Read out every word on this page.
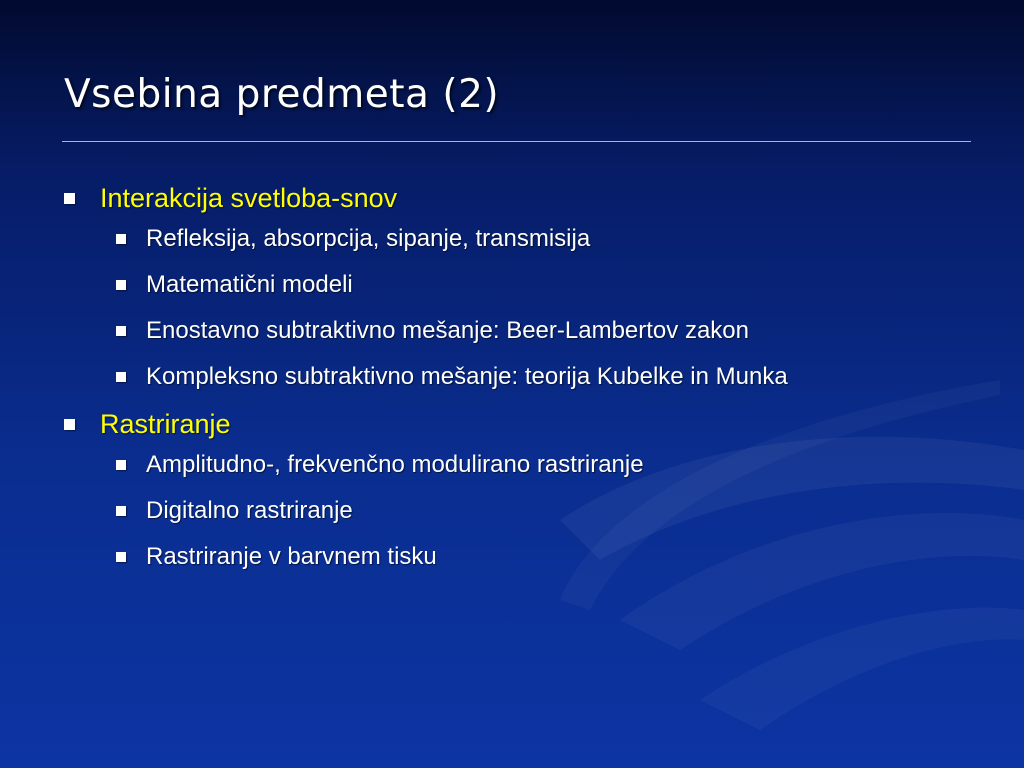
Vsebina predmeta (2)
Interakcija svetloba-snov
Refleksija, absorpcija, sipanje, transmisija
Matematični modeli
Enostavno subtraktivno mešanje: Beer-Lambertov zakon
Kompleksno subtraktivno mešanje: teorija Kubelke in Munka
Rastriranje
Amplitudno-, frekvenčno modulirano rastriranje
Digitalno rastriranje
Rastriranje v barvnem tisku
